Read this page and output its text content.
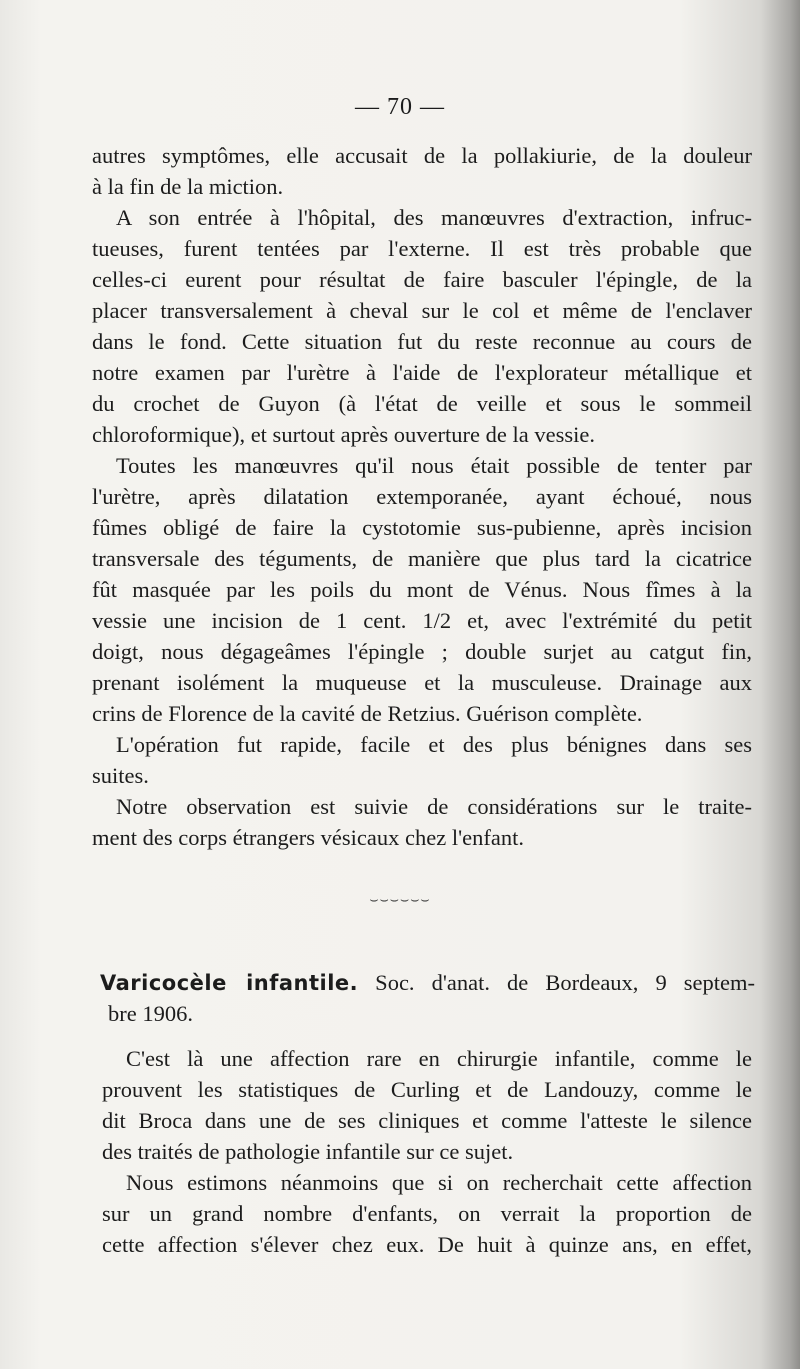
— 70 —
autres symptômes, elle accusait de la pollakiurie, de la douleur
à la fin de la miction.
A son entrée à l'hôpital, des manœuvres d'extraction, infruc-
tueuses, furent tentées par l'externe. Il est très probable que
celles-ci eurent pour résultat de faire basculer l'épingle, de la
placer transversalement à cheval sur le col et même de l'enclaver
dans le fond. Cette situation fut du reste reconnue au cours de
notre examen par l'urètre à l'aide de l'explorateur métallique et
du crochet de Guyon (à l'état de veille et sous le sommeil
chloroformique), et surtout après ouverture de la vessie.
Toutes les manœuvres qu'il nous était possible de tenter par
l'urètre, après dilatation extemporanée, ayant échoué, nous
fûmes obligé de faire la cystotomie sus-pubienne, après incision
transversale des téguments, de manière que plus tard la cicatrice
fût masquée par les poils du mont de Vénus. Nous fîmes à la
vessie une incision de 1 cent. 1/2 et, avec l'extrémité du petit
doigt, nous dégageâmes l'épingle ; double surjet au catgut fin,
prenant isolément la muqueuse et la musculeuse. Drainage aux
crins de Florence de la cavité de Retzius. Guérison complète.
L'opération fut rapide, facile et des plus bénignes dans ses
suites.
Notre observation est suivie de considérations sur le traite-
ment des corps étrangers vésicaux chez l'enfant.
⌣⌣⌣⌣⌣⌣
Varicocèle infantile. Soc. d'anat. de Bordeaux, 9 septem-
bre 1906.
C'est là une affection rare en chirurgie infantile, comme le
prouvent les statistiques de Curling et de Landouzy, comme le
dit Broca dans une de ses cliniques et comme l'atteste le silence
des traités de pathologie infantile sur ce sujet.
Nous estimons néanmoins que si on recherchait cette affection
sur un grand nombre d'enfants, on verrait la proportion de
cette affection s'élever chez eux. De huit à quinze ans, en effet,
